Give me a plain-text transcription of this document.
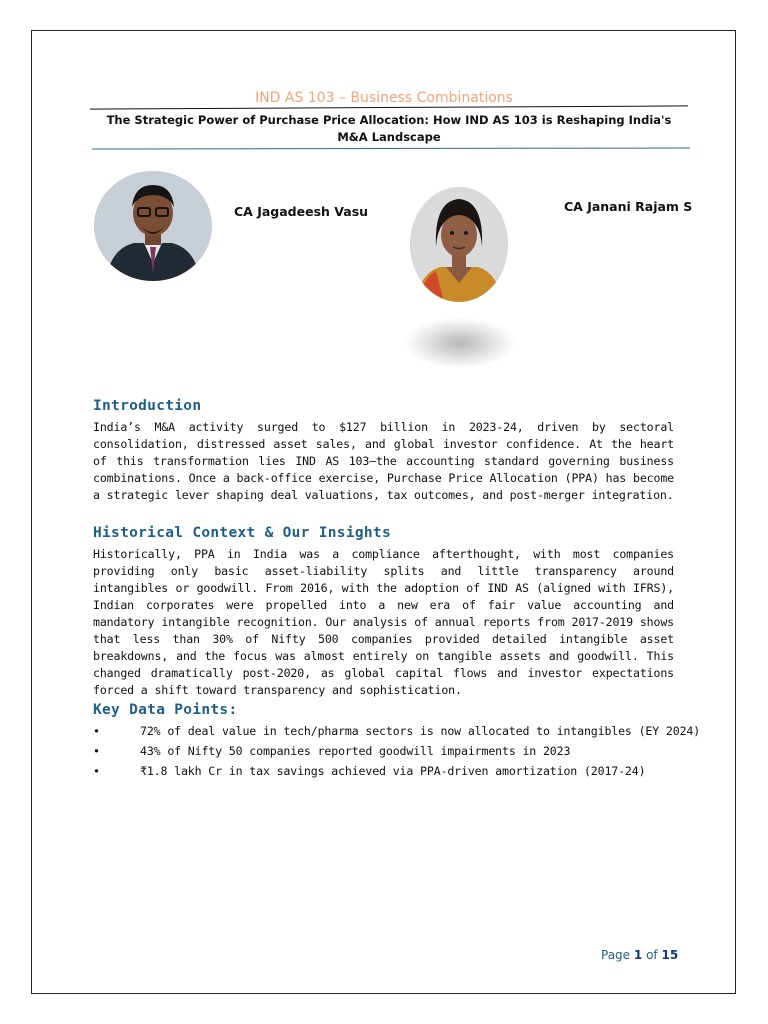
IND AS 103 – Business Combinations
The Strategic Power of Purchase Price Allocation: How IND AS 103 is Reshaping India's
M&A Landscape
CA Jagadeesh Vasu	CA Janani Rajam S
Introduction

India’s M&A activity surged to $127 billion in 2023-24, driven by sectoral consolidation, distressed asset sales, and global investor confidence. At the heart of this transformation lies IND AS 103—the accounting standard governing business combinations. Once a back-office exercise, Purchase Price Allocation (PPA) has become a strategic lever shaping deal valuations, tax outcomes, and post-merger integration.

Historical Context & Our Insights

Historically, PPA in India was a compliance afterthought, with most companies providing only basic asset-liability splits and little transparency around intangibles or goodwill. From 2016, with the adoption of IND AS (aligned with IFRS), Indian corporates were propelled into a new era of fair value accounting and mandatory intangible recognition. Our analysis of annual reports from 2017-2019 shows that less than 30% of Nifty 500 companies provided detailed intangible asset breakdowns, and the focus was almost entirely on tangible assets and goodwill. This changed dramatically post-2020, as global capital flows and investor expectations forced a shift toward transparency and sophistication.

Key Data Points:
•	72% of deal value in tech/pharma sectors is now allocated to intangibles (EY 2024)
•	43% of Nifty 50 companies reported goodwill impairments in 2023
•	₹1.8 lakh Cr in tax savings achieved via PPA-driven amortization (2017-24)
Page 1 of 15
